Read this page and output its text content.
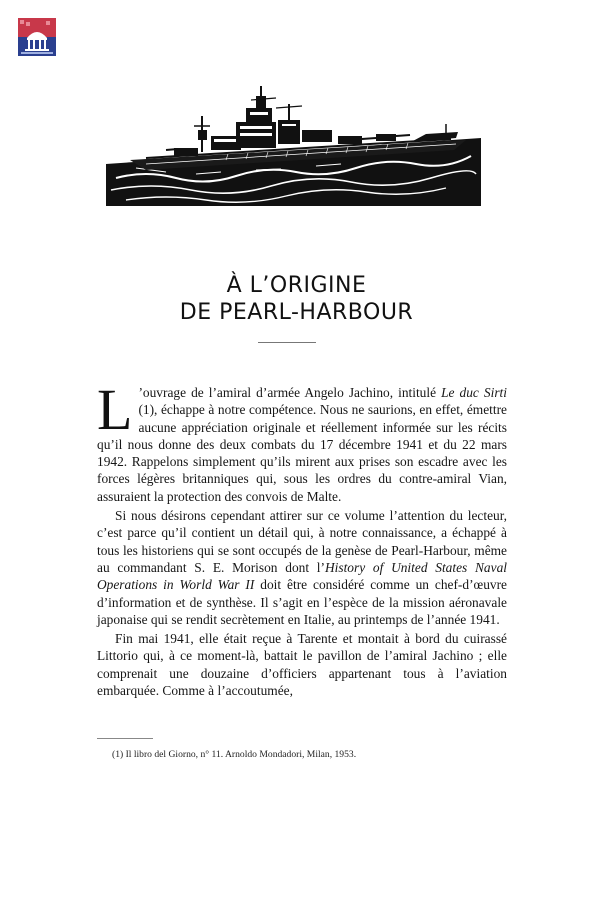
À L’ORIGINE
DE PEARL-HARBOUR

L ’ouvrage de l’amiral d’armée Angelo Jachino, intitulé Le duc Sirti (1), échappe à notre compétence. Nous ne saurions, en effet, émettre aucune appréciation originale et réellement informée sur les récits qu’il nous donne des deux combats du 17 décembre 1941 et du 22 mars 1942. Rappelons simplement qu’ils mirent aux prises son escadre avec les forces légères britanniques qui, sous les ordres du contre-amiral Vian, assuraient la protection des convois de Malte.

Si nous désirons cependant attirer sur ce volume l’attention du lecteur, c’est parce qu’il contient un détail qui, à notre connaissance, a échappé à tous les historiens qui se sont occupés de la genèse de Pearl-Harbour, même au commandant S. E. Morison dont l’History of United States Naval Operations in World War II doit être considéré comme un chef-d’œuvre d’information et de synthèse. Il s’agit en l’espèce de la mission aéronavale japonaise qui se rendit secrètement en Italie, au printemps de l’année 1941.

Fin mai 1941, elle était reçue à Tarente et montait à bord du cuirassé Littorio qui, à ce moment-là, battait le pavillon de l’amiral Jachino ; elle comprenait une douzaine d’officiers appartenant tous à l’aviation embarquée. Comme à l’accoutumée,

(1) Il libro del Giorno, n° 11. Arnoldo Mondadori, Milan, 1953.
